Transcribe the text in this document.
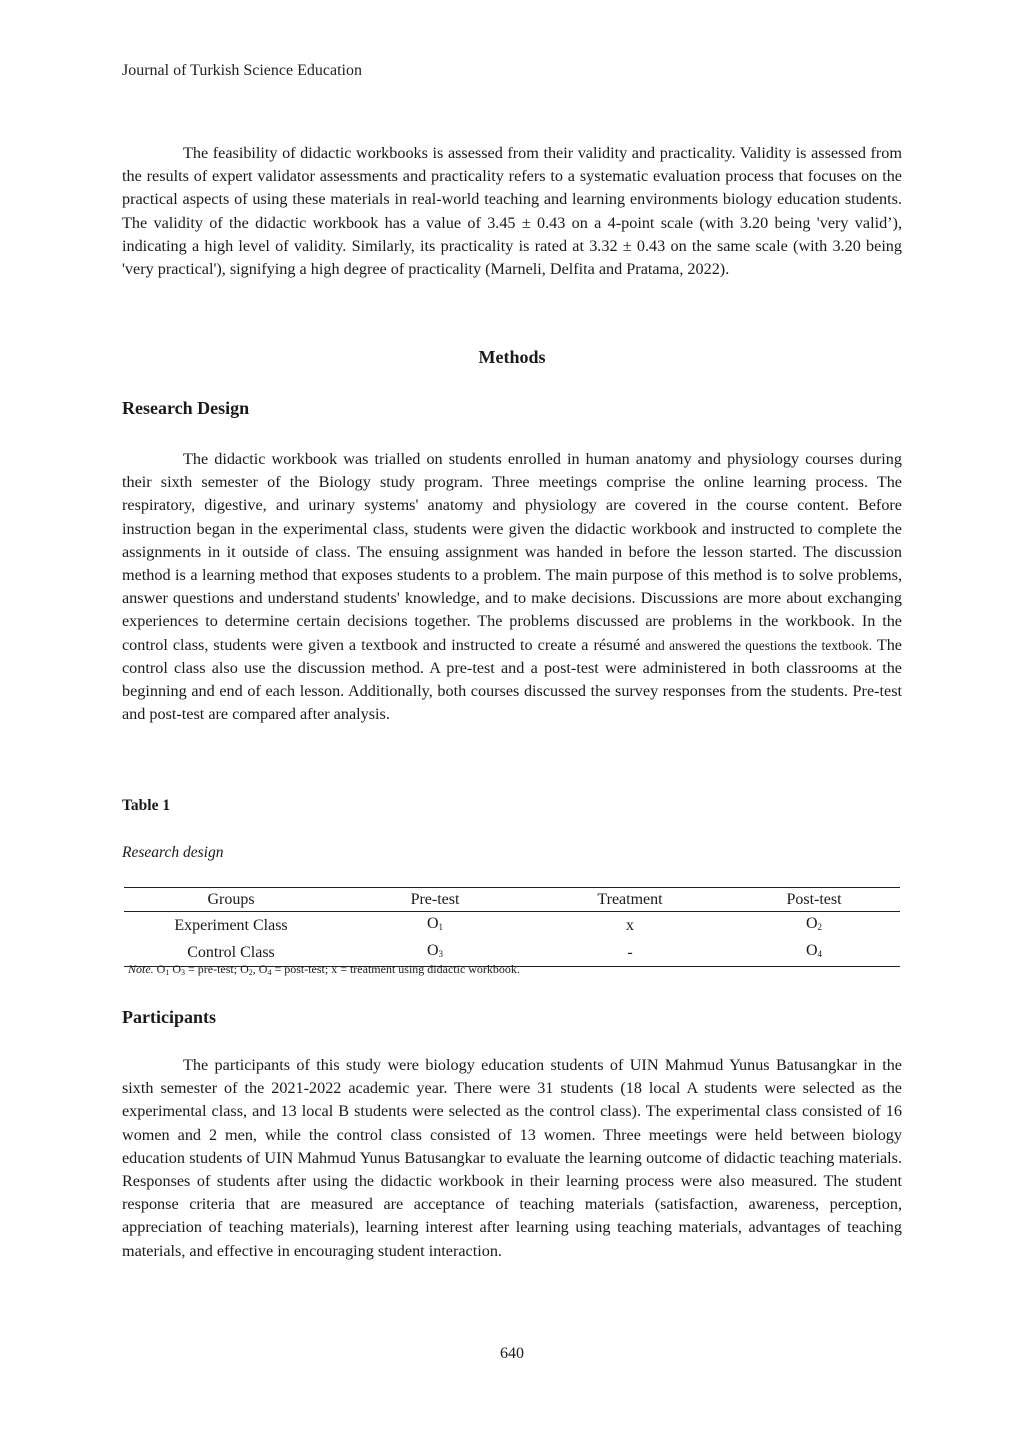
Journal of Turkish Science Education

The feasibility of didactic workbooks is assessed from their validity and practicality. Validity is assessed from the results of expert validator assessments and practicality refers to a systematic evaluation process that focuses on the practical aspects of using these materials in real-world teaching and learning environments biology education students. The validity of the didactic workbook has a value of 3.45 ± 0.43 on a 4-point scale (with 3.20 being 'very valid’), indicating a high level of validity. Similarly, its practicality is rated at 3.32 ± 0.43 on the same scale (with 3.20 being 'very practical'), signifying a high degree of practicality (Marneli, Delfita and Pratama, 2022).

Methods
Research Design

The didactic workbook was trialled on students enrolled in human anatomy and physiology courses during their sixth semester of the Biology study program. Three meetings comprise the online learning process. The respiratory, digestive, and urinary systems' anatomy and physiology are covered in the course content. Before instruction began in the experimental class, students were given the didactic workbook and instructed to complete the assignments in it outside of class. The ensuing assignment was handed in before the lesson started. The discussion method is a learning method that exposes students to a problem. The main purpose of this method is to solve problems, answer questions and understand students' knowledge, and to make decisions. Discussions are more about exchanging experiences to determine certain decisions together. The problems discussed are problems in the workbook. In the control class, students were given a textbook and instructed to create a résumé and answered the questions the textbook. The control class also use the discussion method. A pre-test and a post-test were administered in both classrooms at the beginning and end of each lesson. Additionally, both courses discussed the survey responses from the students. Pre-test and post-test are compared after analysis.

Table 1

Research design

Groups	Pre-test	Treatment	Post-test
Experiment Class	$O_1$	x	$O_2$
Control Class	$O_3$	-	$O_4$

Note. $O_1$ $O_3$ = pre-test; $O_2$, $O_4$ = post-test; x = treatment using didactic workbook.

Participants

The participants of this study were biology education students of UIN Mahmud Yunus Batusangkar in the sixth semester of the 2021-2022 academic year. There were 31 students (18 local A students were selected as the experimental class, and 13 local B students were selected as the control class). The experimental class consisted of 16 women and 2 men, while the control class consisted of 13 women. Three meetings were held between biology education students of UIN Mahmud Yunus Batusangkar to evaluate the learning outcome of didactic teaching materials. Responses of students after using the didactic workbook in their learning process were also measured. The student response criteria that are measured are acceptance of teaching materials (satisfaction, awareness, perception, appreciation of teaching materials), learning interest after learning using teaching materials, advantages of teaching materials, and effective in encouraging student interaction.

640
